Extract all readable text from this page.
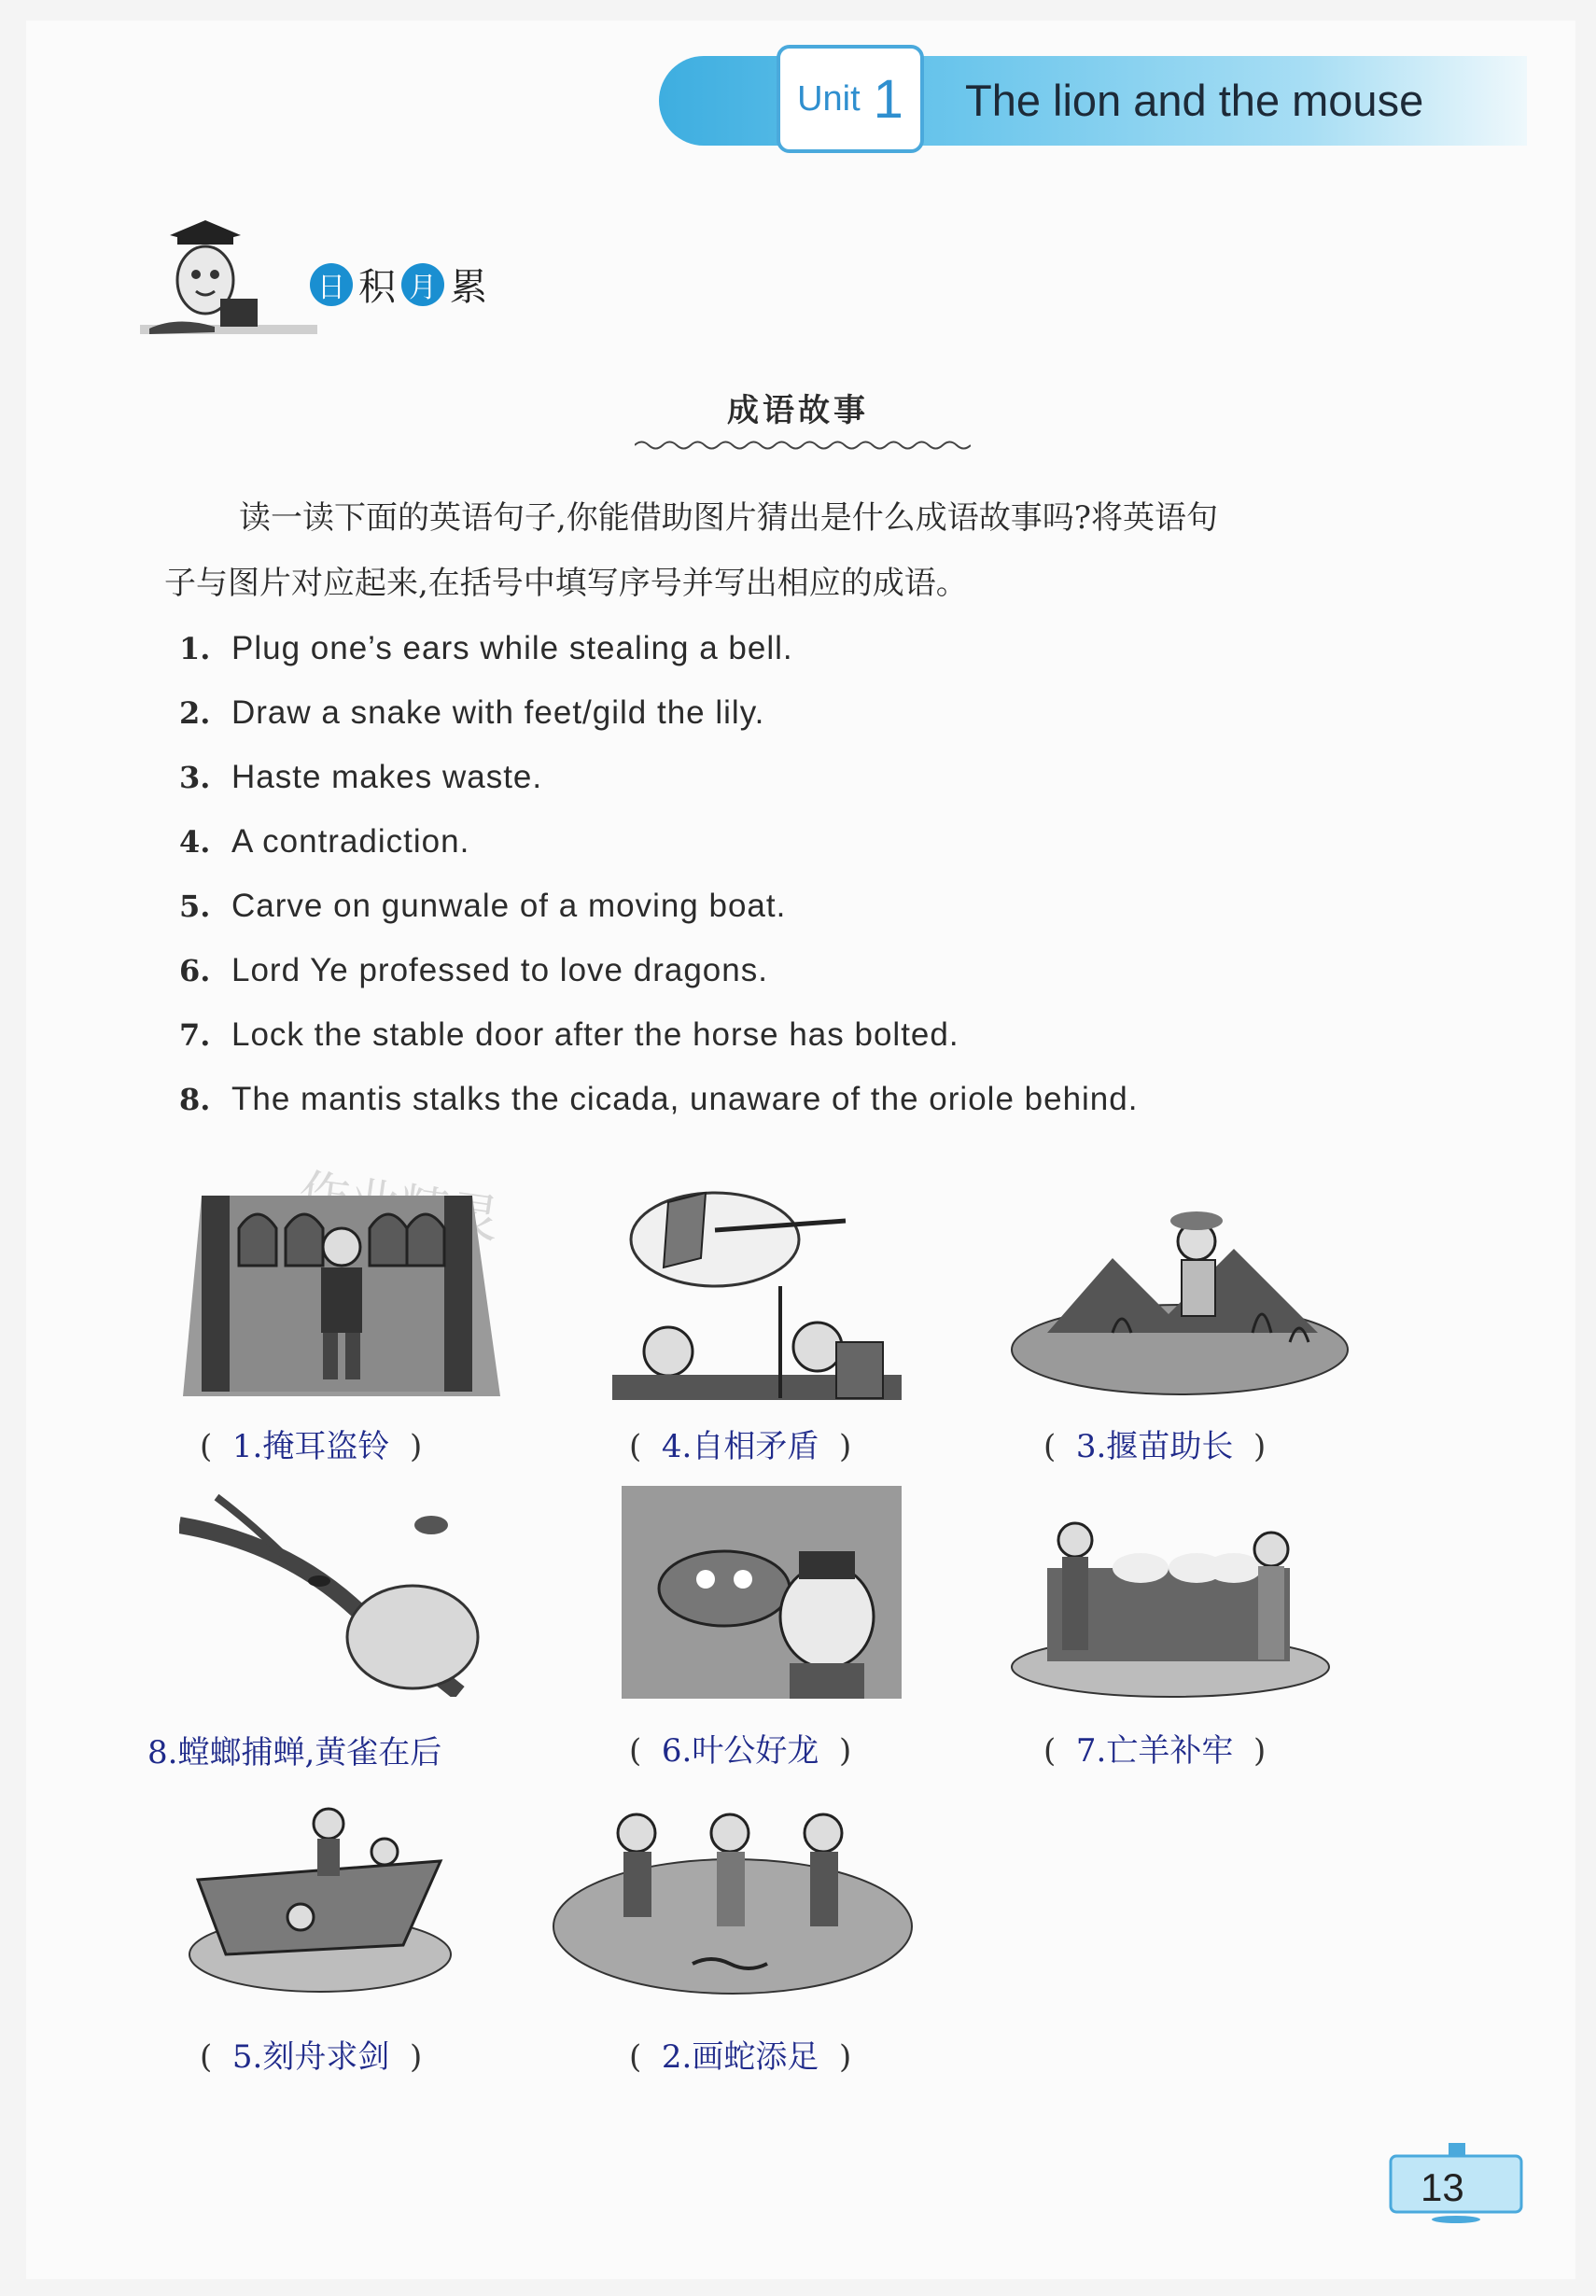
Unit 1 The lion and the mouse
日 积 月 累
成语故事

读一读下面的英语句子,你能借助图片猜出是什么成语故事吗?将英语句

子与图片对应起来,在括号中填写序号并写出相应的成语。

1. Plug one’s ears while stealing a bell.
2. Draw a snake with feet/gild the lily.
3. Haste makes waste.
4. A contradiction.
5. Carve on gunwale of a moving boat.
6. Lord Ye professed to love dragons.
7. Lock the stable door after the horse has bolted.
8. The mantis stalks the cicada, unaware of the oriole behind.
( 1.掩耳盗铃 )	( 4.自相矛盾 )	( 3.揠苗助长 )
8.螳螂捕蝉,黄雀在后	( 6.叶公好龙 )	( 7.亡羊补牢 )
( 5.刻舟求剑 )	( 2.画蛇添足 )
13
